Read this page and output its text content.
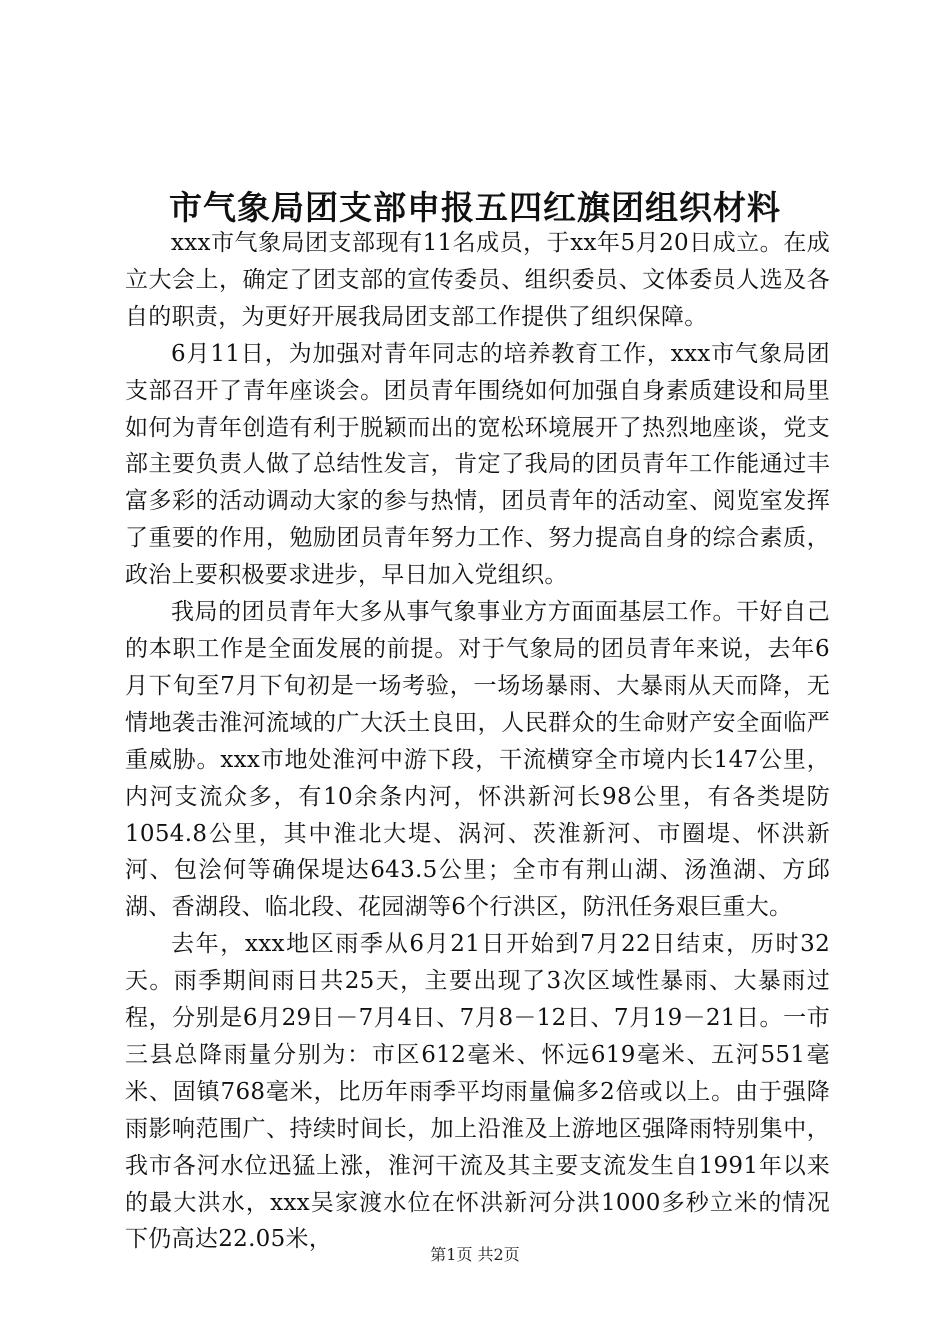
市气象局团支部申报五四红旗团组织材料

xxx市气象局团支部现有11名成员，于xx年5月20日成立。在成立大会上，确定了团支部的宣传委员、组织委员、文体委员人选及各自的职责，为更好开展我局团支部工作提供了组织保障。

6月11日，为加强对青年同志的培养教育工作，xxx市气象局团支部召开了青年座谈会。团员青年围绕如何加强自身素质建设和局里如何为青年创造有利于脱颖而出的宽松环境展开了热烈地座谈，党支部主要负责人做了总结性发言，肯定了我局的团员青年工作能通过丰富多彩的活动调动大家的参与热情，团员青年的活动室、阅览室发挥了重要的作用，勉励团员青年努力工作、努力提高自身的综合素质，政治上要积极要求进步，早日加入党组织。

我局的团员青年大多从事气象事业方方面面基层工作。干好自己的本职工作是全面发展的前提。对于气象局的团员青年来说，去年6月下旬至7月下旬初是一场考验，一场场暴雨、大暴雨从天而降，无情地袭击淮河流域的广大沃土良田，人民群众的生命财产安全面临严重威胁。xxx市地处淮河中游下段，干流横穿全市境内长147公里，内河支流众多，有10余条内河，怀洪新河长98公里，有各类堤防1054.8公里，其中淮北大堤、涡河、茨淮新河、市圈堤、怀洪新河、包浍何等确保堤达643.5公里；全市有荆山湖、汤渔湖、方邱湖、香湖段、临北段、花园湖等6个行洪区，防汛任务艰巨重大。

去年，xxx地区雨季从6月21日开始到7月22日结束，历时32天。雨季期间雨日共25天，主要出现了3次区域性暴雨、大暴雨过程，分别是6月29日－7月4日、7月8－12日、7月19－21日。一市三县总降雨量分别为：市区612毫米、怀远619毫米、五河551毫米、固镇768毫米，比历年雨季平均雨量偏多2倍或以上。由于强降雨影响范围广、持续时间长，加上沿淮及上游地区强降雨特别集中，我市各河水位迅猛上涨，淮河干流及其主要支流发生自1991年以来的最大洪水，xxx吴家渡水位在怀洪新河分洪1000多秒立米的情况下仍高达22.05米，

第1页 共2页
